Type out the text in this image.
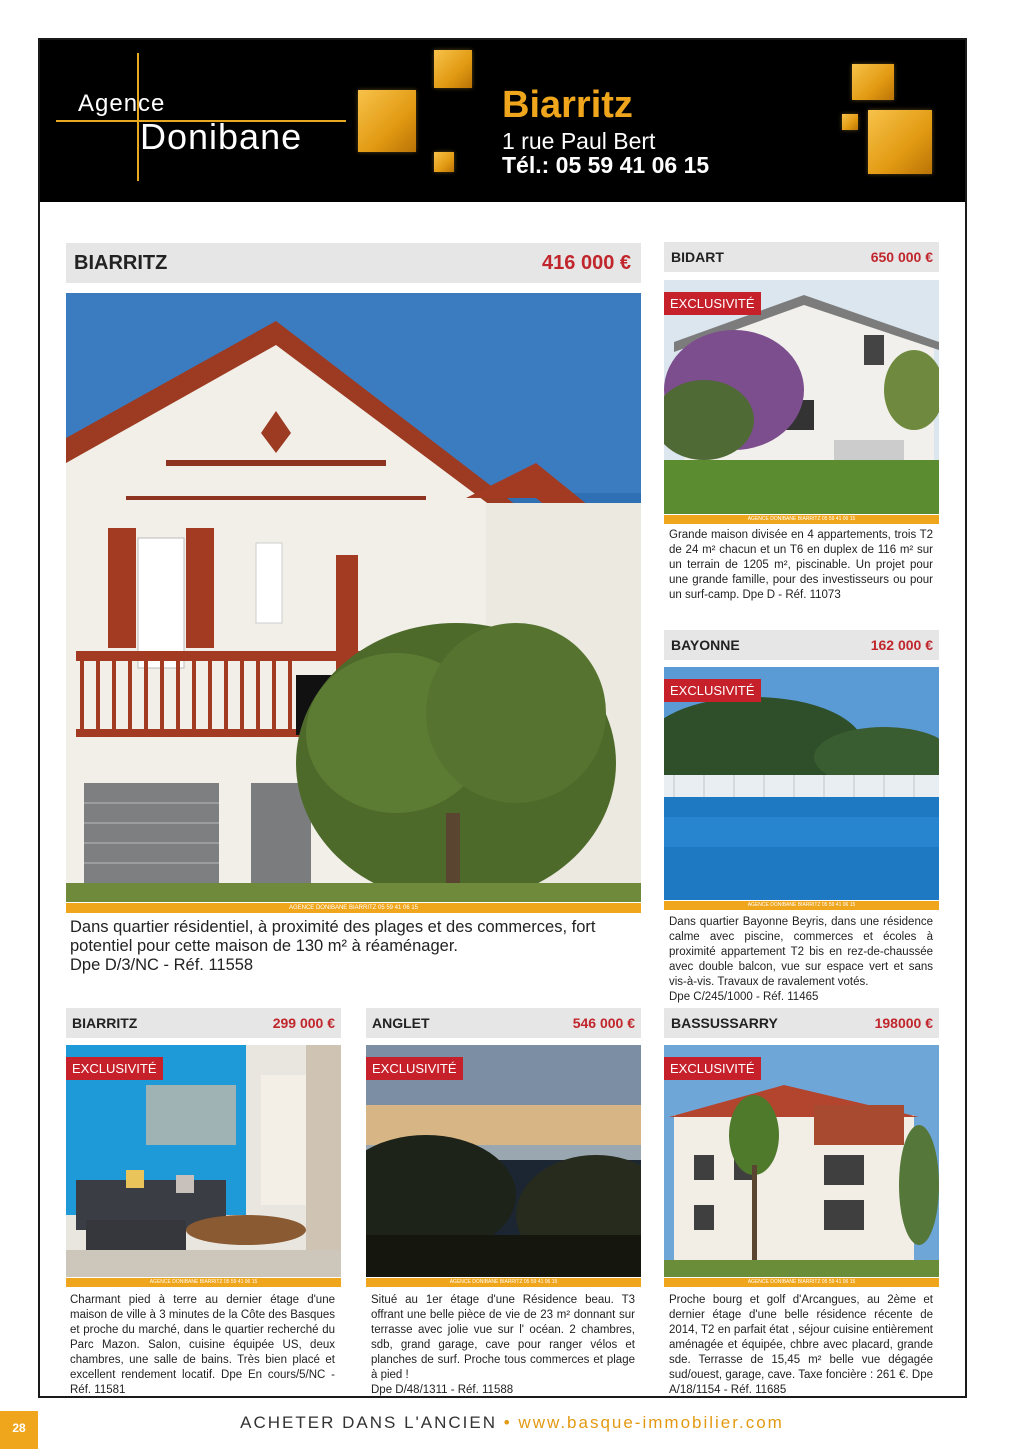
Agence
Donibane
Biarritz
1 rue Paul Bert
Tél.: 05 59 41 06 15
BIARRITZ	416 000 €
AGENCE DONIBANE BIARRITZ 05 59 41 06 15
Dans quartier résidentiel, à proximité des plages et des commerces, fort potentiel pour cette maison de 130 m² à réaménager.
Dpe D/3/NC - Réf. 11558
BIDART	650 000 €
EXCLUSIVITÉ
AGENCE DONIBANE BIARRITZ 05 59 41 06 15
Grande maison divisée en 4 appartements, trois T2 de 24 m² chacun et un T6 en duplex de 116 m² sur un terrain de 1205 m², piscinable. Un projet pour une grande famille, pour des investisseurs ou pour un surf-camp. Dpe D - Réf. 11073
BAYONNE	162 000 €
EXCLUSIVITÉ
AGENCE DONIBANE BIARRITZ 05 59 41 06 15
Dans quartier Bayonne Beyris, dans une résidence calme avec piscine, commerces et écoles à proximité appartement T2 bis en rez-de-chaussée avec double balcon, vue sur espace vert et sans vis-à-vis. Travaux de ravalement votés.
Dpe C/245/1000 - Réf. 11465
BIARRITZ	299 000 €
EXCLUSIVITÉ
AGENCE DONIBANE BIARRITZ 05 59 41 06 15
Charmant pied à terre au dernier étage d'une maison de ville à 3 minutes de la Côte des Basques et proche du marché, dans le quartier recherché du Parc Mazon. Salon, cuisine équipée US, deux chambres, une salle de bains. Très bien placé et excellent rendement locatif. Dpe En cours/5/NC - Réf. 11581
ANGLET	546 000 €
EXCLUSIVITÉ
AGENCE DONIBANE BIARRITZ 05 59 41 06 15
Situé au 1er étage d'une Résidence beau. T3 offrant une belle pièce de vie de 23 m² donnant sur terrasse avec jolie vue sur l' océan. 2 chambres, sdb, grand garage, cave pour ranger vélos et planches de surf. Proche tous commerces et plage à pied !
Dpe D/48/1311 - Réf. 11588
BASSUSSARRY	198000 €
EXCLUSIVITÉ
AGENCE DONIBANE BIARRITZ 05 59 41 06 15
Proche bourg et golf d'Arcangues, au 2ème et dernier étage d'une belle résidence récente de 2014, T2 en parfait état , séjour cuisine entièrement aménagée et équipée, chbre avec placard, grande sde. Terrasse de 15,45 m² belle vue dégagée sud/ouest, garage, cave. Taxe foncière : 261 €. Dpe A/18/1154 - Réf. 11685
28	ACHETER DANS L'ANCIEN • www.basque-immobilier.com
